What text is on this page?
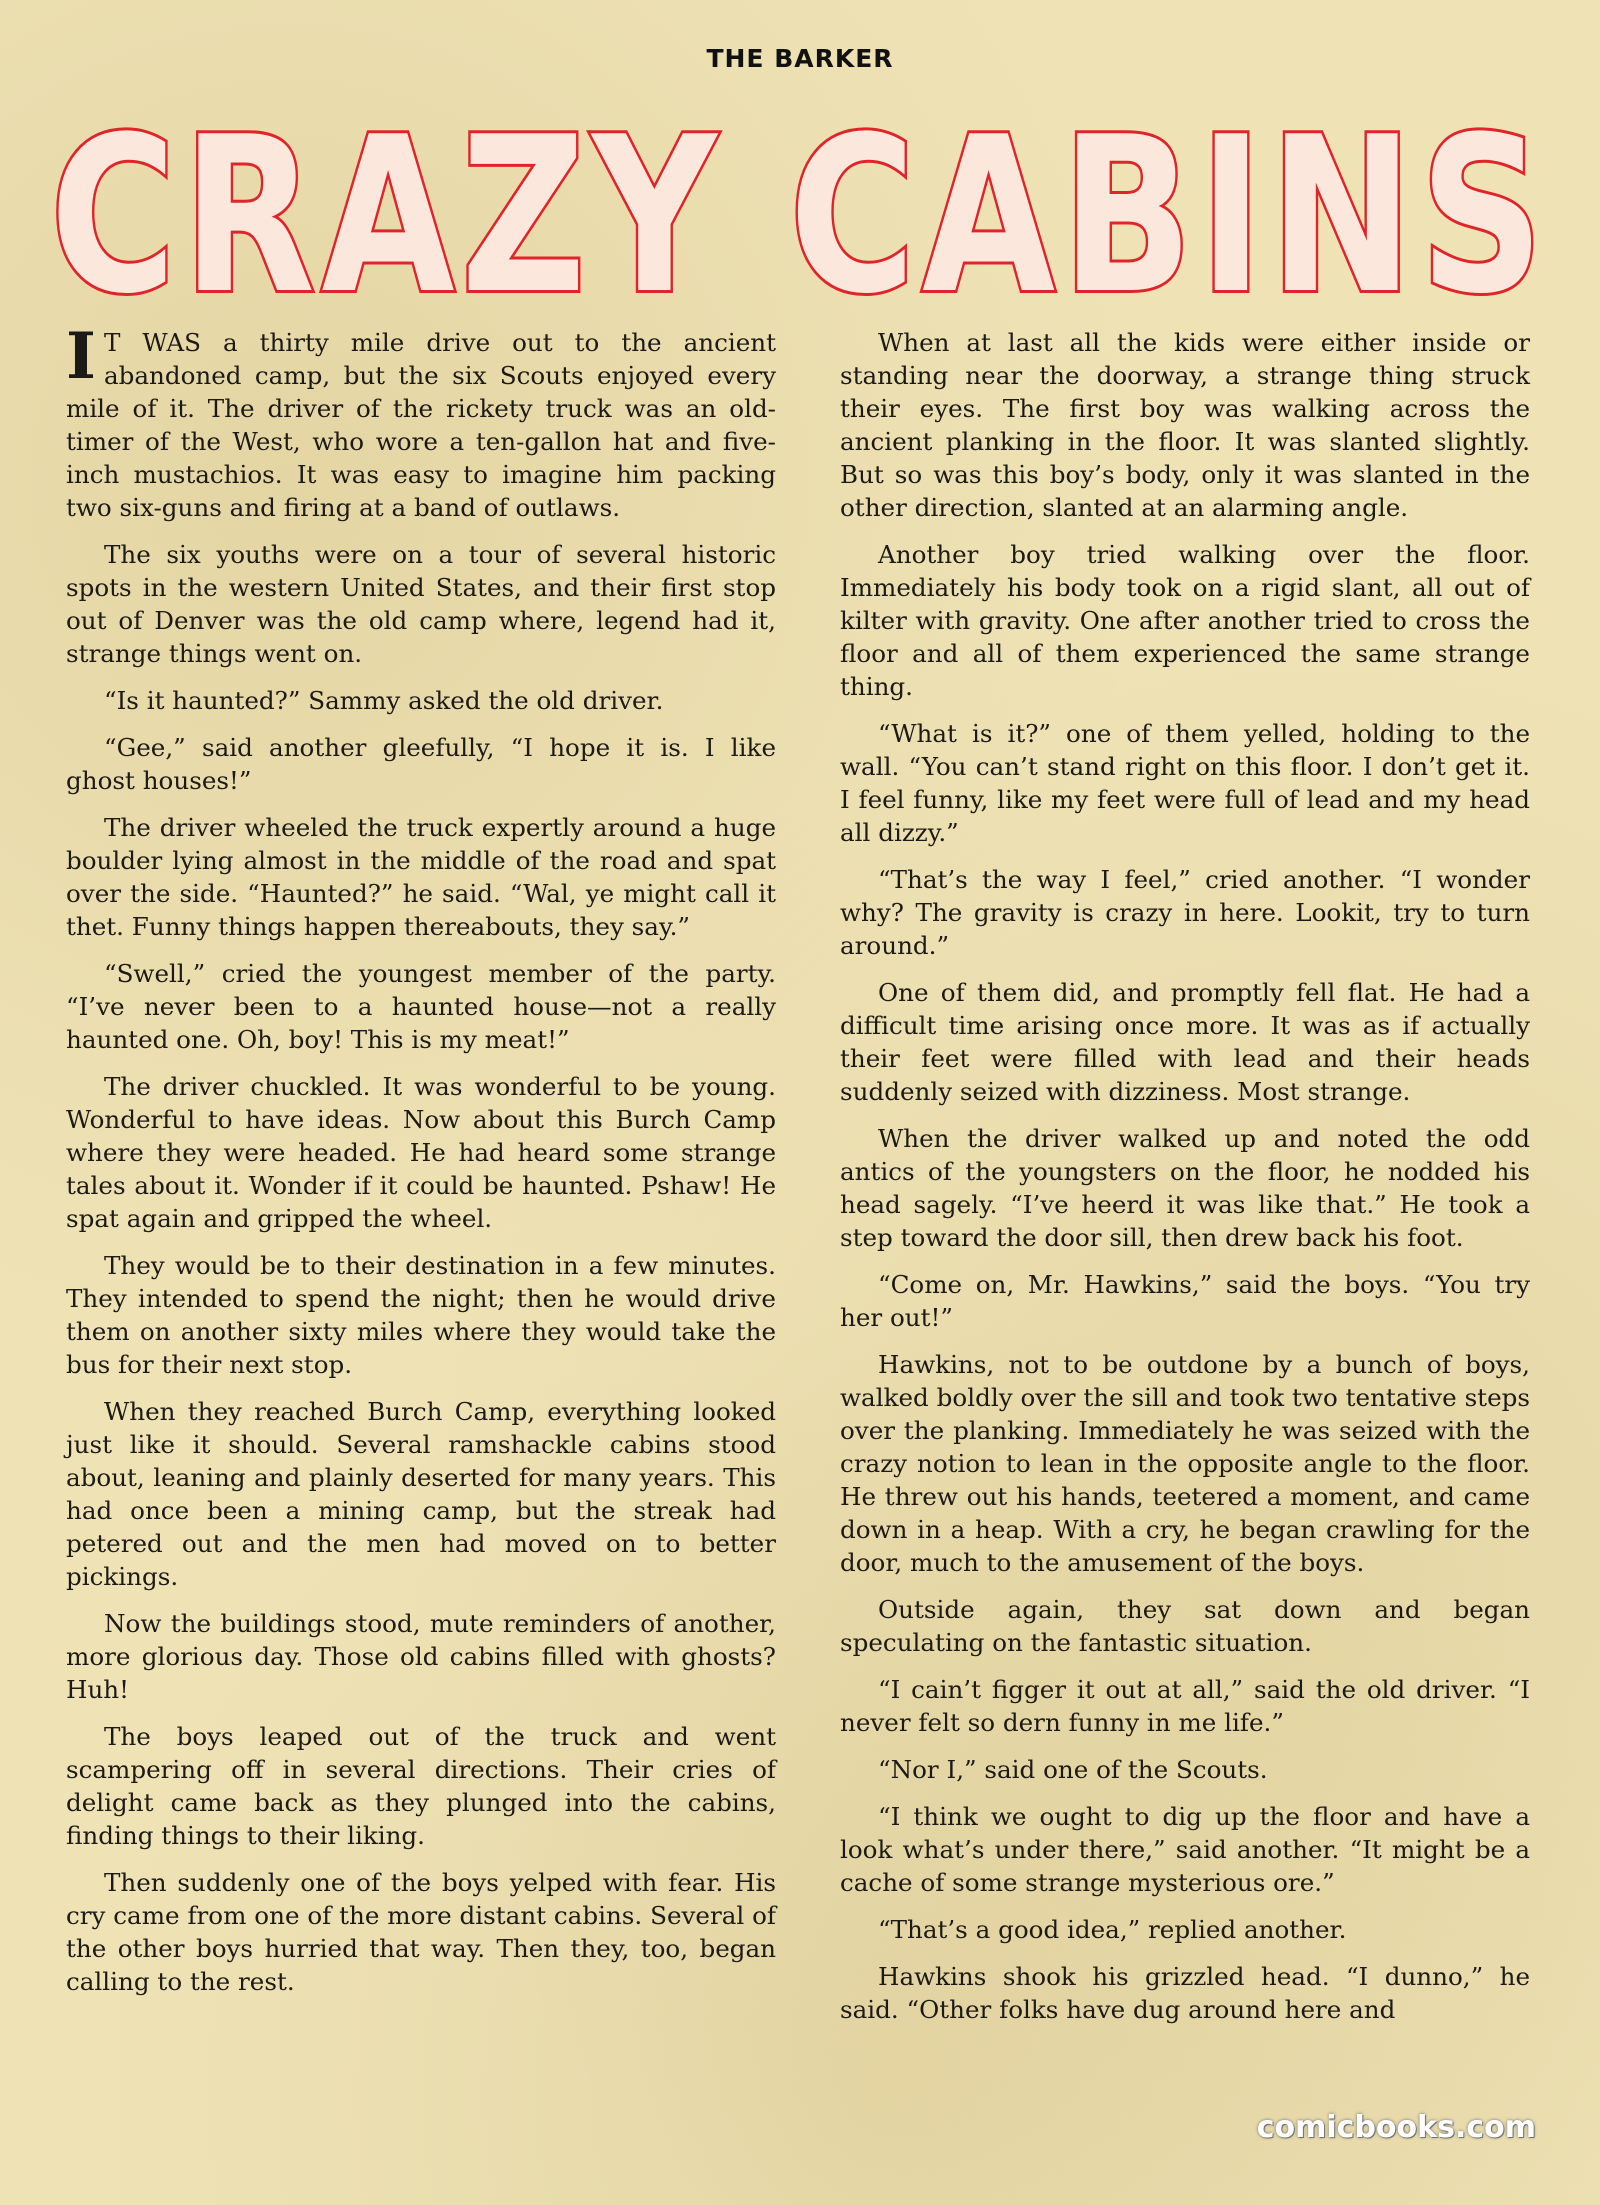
THE BARKER
CRAZY CABINS

I T WAS a thirty mile drive out to the ancient abandoned camp, but the six Scouts enjoyed every mile of it. The driver of the rickety truck was an old-timer of the West, who wore a ten-gallon hat and five-inch mustachios. It was easy to imagine him packing two six-guns and firing at a band of outlaws.

The six youths were on a tour of several historic spots in the western United States, and their first stop out of Denver was the old camp where, legend had it, strange things went on.

“Is it haunted?” Sammy asked the old driver.

“Gee,” said another gleefully, “I hope it is. I like ghost houses!”

The driver wheeled the truck expertly around a huge boulder lying almost in the middle of the road and spat over the side. “Haunted?” he said. “Wal, ye might call it thet. Funny things happen thereabouts, they say.”

“Swell,” cried the youngest member of the party. “I’ve never been to a haunted house—not a really haunted one. Oh, boy! This is my meat!”

The driver chuckled. It was wonderful to be young. Wonderful to have ideas. Now about this Burch Camp where they were headed. He had heard some strange tales about it. Wonder if it could be haunted. Pshaw! He spat again and gripped the wheel.

They would be to their destination in a few minutes. They intended to spend the night; then he would drive them on another sixty miles where they would take the bus for their next stop.

When they reached Burch Camp, everything looked just like it should. Several ramshackle cabins stood about, leaning and plainly deserted for many years. This had once been a mining camp, but the streak had petered out and the men had moved on to better pickings.

Now the buildings stood, mute reminders of another, more glorious day. Those old cabins filled with ghosts? Huh!

The boys leaped out of the truck and went scampering off in several directions. Their cries of delight came back as they plunged into the cabins, finding things to their liking.

Then suddenly one of the boys yelped with fear. His cry came from one of the more distant cabins. Several of the other boys hurried that way. Then they, too, began calling to the rest.

When at last all the kids were either inside or standing near the doorway, a strange thing struck their eyes. The first boy was walking across the ancient planking in the floor. It was slanted slightly. But so was this boy’s body, only it was slanted in the other direction, slanted at an alarming angle.

Another boy tried walking over the floor. Immediately his body took on a rigid slant, all out of kilter with gravity. One after another tried to cross the floor and all of them experienced the same strange thing.

“What is it?” one of them yelled, holding to the wall. “You can’t stand right on this floor. I don’t get it. I feel funny, like my feet were full of lead and my head all dizzy.”

“That’s the way I feel,” cried another. “I wonder why? The gravity is crazy in here. Lookit, try to turn around.”

One of them did, and promptly fell flat. He had a difficult time arising once more. It was as if actually their feet were filled with lead and their heads suddenly seized with dizziness. Most strange.

When the driver walked up and noted the odd antics of the youngsters on the floor, he nodded his head sagely. “I’ve heerd it was like that.” He took a step toward the door sill, then drew back his foot.

“Come on, Mr. Hawkins,” said the boys. “You try her out!”

Hawkins, not to be outdone by a bunch of boys, walked boldly over the sill and took two tentative steps over the planking. Immediately he was seized with the crazy notion to lean in the opposite angle to the floor. He threw out his hands, teetered a moment, and came down in a heap. With a cry, he began crawling for the door, much to the amusement of the boys.

Outside again, they sat down and began speculating on the fantastic situation.

“I cain’t figger it out at all,” said the old driver. “I never felt so dern funny in me life.”

“Nor I,” said one of the Scouts.

“I think we ought to dig up the floor and have a look what’s under there,” said another. “It might be a cache of some strange mysterious ore.”

“That’s a good idea,” replied another.

Hawkins shook his grizzled head. “I dunno,” he said. “Other folks have dug around here and

comicbooks.com
